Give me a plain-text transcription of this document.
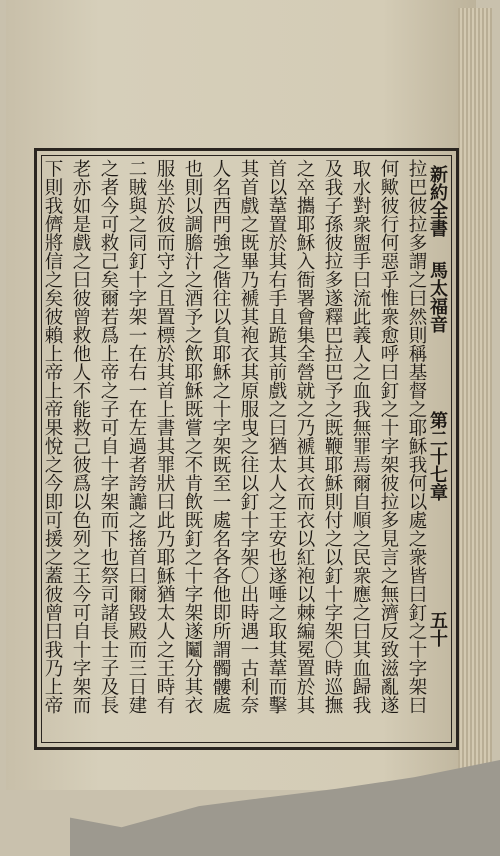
新約全書
馬太福音
第二十七章
五十
拉巴彼拉多謂之曰然則稱基督之耶穌我何以處之衆皆曰釘之十字架曰
何歟彼行何惡乎惟衆愈呼曰釘之十字架彼拉多見言之無濟反致滋亂遂
取水對衆盥手曰流此義人之血我無罪焉爾自順之民衆應之曰其血歸我
及我子孫彼拉多遂釋巴拉巴予之既鞭耶穌則付之以釘十字架〇時巡撫
之卒攜耶穌入衙署會集全營就之乃褫其衣而衣以紅袍以棘編冕置於其
首以葦置於其右手且跪其前戲之曰猶太人之王安也遂唾之取其葦而擊
其首戲之既畢乃褫其袍衣其原服曳之往以釘十字架〇出時遇一古利奈
人名西門強之偕往以負耶穌之十字架既至一處名各各他即所謂髑髏處
也則以調膽汁之酒予之飲耶穌既嘗之不肯飲既釘之十字架遂鬮分其衣
服坐於彼而守之且置標於其首上書其罪狀曰此乃耶穌猶太人之王時有
二賊與之同釘十字架一在右一在左過者誇讟之搖首曰爾毀殿而三日建
之者今可救己矣爾若爲上帝之子可自十字架而下也祭司諸長士子及長
老亦如是戲之曰彼曾救他人不能救己彼爲以色列之王今可自十字架而
下則我儕將信之矣彼賴上帝上帝果悅之今即可援之蓋彼曾曰我乃上帝
